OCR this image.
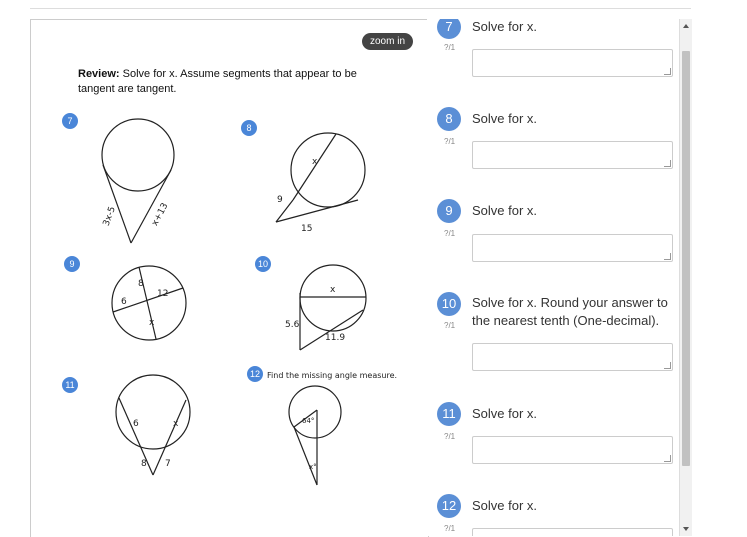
zoom in
Review: Solve for x. Assume segments that appear to be tangent are tangent.
3x-5	x+13
x
9
15
8
6
12
x
x
5.6
11.9
6	x
8 7
Find the missing angle measure.
64°
x°
7
8
9	10
11
12
7	Solve for x.
?/1
8	Solve for x.
?/1
9	Solve for x.
?/1
10	Solve for x. Round your answer to the nearest tenth (One-decimal).
?/1
11	Solve for x.
?/1
12	Solve for x.
?/1
